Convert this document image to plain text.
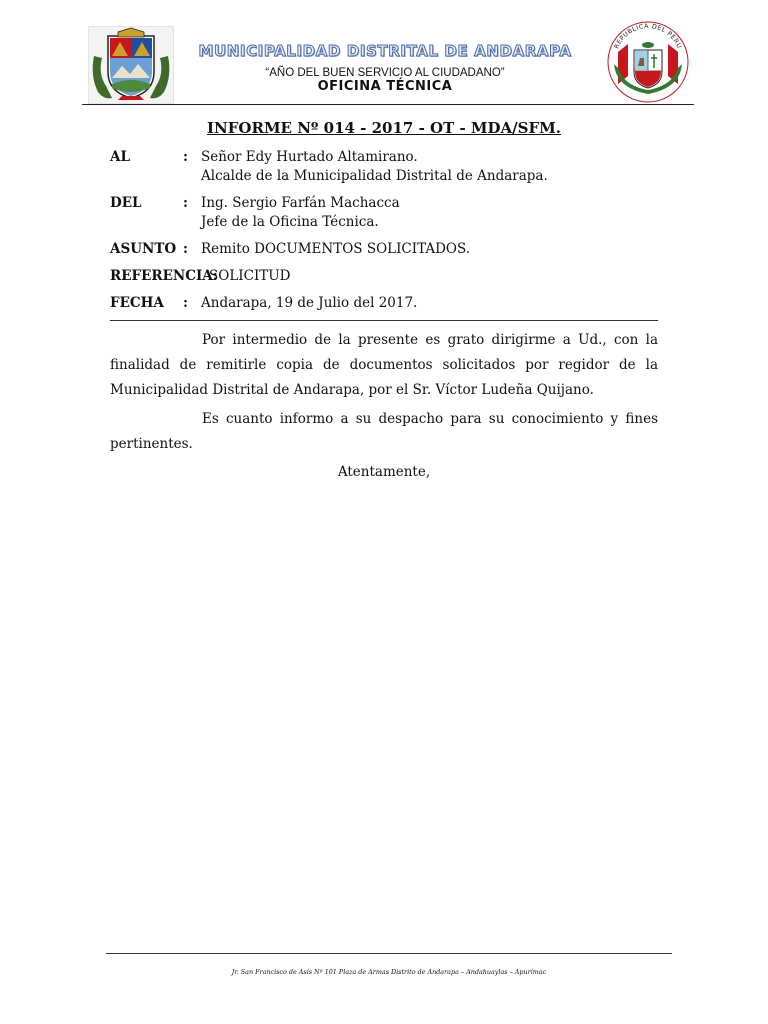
MUNICIPALIDAD DISTRITAL DE ANDARAPA
“AÑO DEL BUEN SERVICIO AL CIUDADANO”
OFICINA TÉCNICA
REPUBLICA DEL PERU
INFORME Nº 014 - 2017 - OT - MDA/SFM.
AL	: Señor Edy Hurtado Altamirano.
Alcalde de la Municipalidad Distrital de Andarapa.
DEL	: Ing. Sergio Farfán Machacca
Jefe de la Oficina Técnica.
ASUNTO : Remito DOCUMENTOS SOLICITADOS.
REFERENCIA:
SOLICITUD
FECHA : Andarapa, 19 de Julio del 2017.
Por intermedio de la presente es grato dirigirme a Ud., con la finalidad de remitirle copia de documentos solicitados por regidor de la Municipalidad Distrital de Andarapa, por el Sr. Víctor Ludeña Quijano.
Es cuanto informo a su despacho para su conocimiento y fines pertinentes.
Atentamente,
Jr. San Francisco de Asís Nº 101 Plaza de Armas Distrito de Andarapa – Andahuaylas – Apurímac
